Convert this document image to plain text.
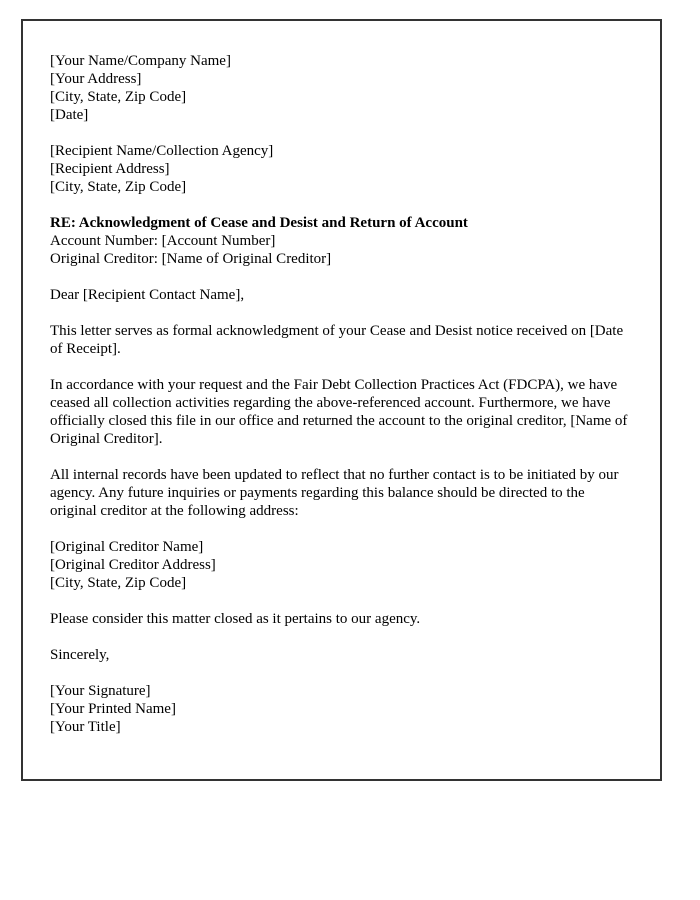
[Your Name/Company Name]
[Your Address]
[City, State, Zip Code]
[Date]
[Recipient Name/Collection Agency]
[Recipient Address]
[City, State, Zip Code]
RE: Acknowledgment of Cease and Desist and Return of Account
Account Number: [Account Number]
Original Creditor: [Name of Original Creditor]

Dear [Recipient Contact Name],

This letter serves as formal acknowledgment of your Cease and Desist notice received on [Date of Receipt].

In accordance with your request and the Fair Debt Collection Practices Act (FDCPA), we have ceased all collection activities regarding the above-referenced account. Furthermore, we have officially closed this file in our office and returned the account to the original creditor, [Name of Original Creditor].

All internal records have been updated to reflect that no further contact is to be initiated by our agency. Any future inquiries or payments regarding this balance should be directed to the original creditor at the following address:

[Original Creditor Name]
[Original Creditor Address]
[City, State, Zip Code]

Please consider this matter closed as it pertains to our agency.

Sincerely,

[Your Signature]
[Your Printed Name]
[Your Title]
